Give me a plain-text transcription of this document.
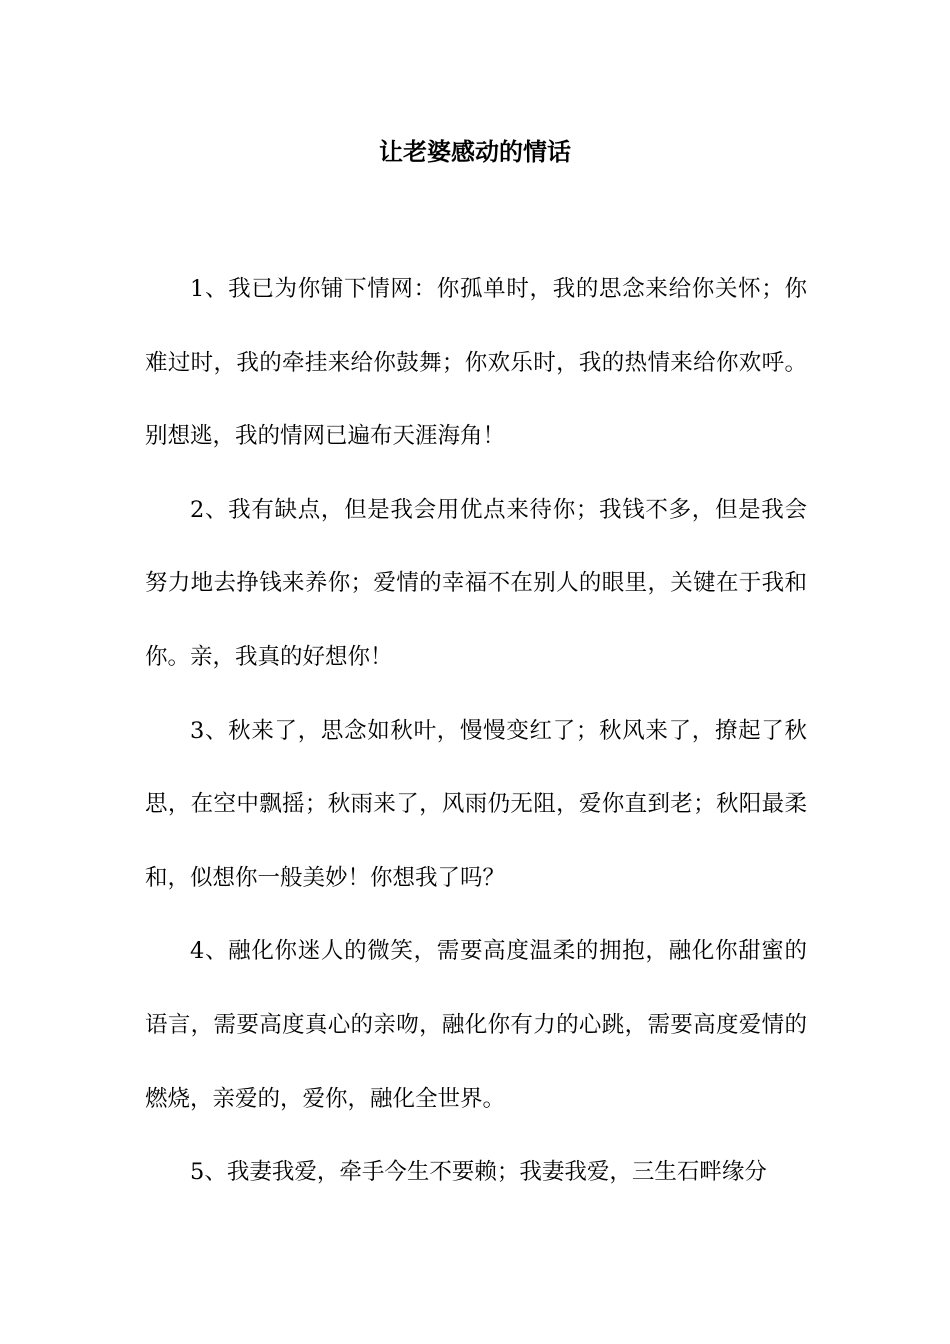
让老婆感动的情话

1、我已为你铺下情网：你孤单时，我的思念来给你关怀；你难过时，我的牵挂来给你鼓舞；你欢乐时，我的热情来给你欢呼。别想逃，我的情网已遍布天涯海角！

2、我有缺点，但是我会用优点来待你；我钱不多，但是我会努力地去挣钱来养你；爱情的幸福不在别人的眼里，关键在于我和你。亲，我真的好想你！

3、秋来了，思念如秋叶，慢慢变红了；秋风来了，撩起了秋思，在空中飘摇；秋雨来了，风雨仍无阻，爱你直到老；秋阳最柔和，似想你一般美妙！你想我了吗？

4、融化你迷人的微笑，需要高度温柔的拥抱，融化你甜蜜的语言，需要高度真心的亲吻，融化你有力的心跳，需要高度爱情的燃烧，亲爱的，爱你，融化全世界。

5、我妻我爱，牵手今生不要赖；我妻我爱，三生石畔缘分
